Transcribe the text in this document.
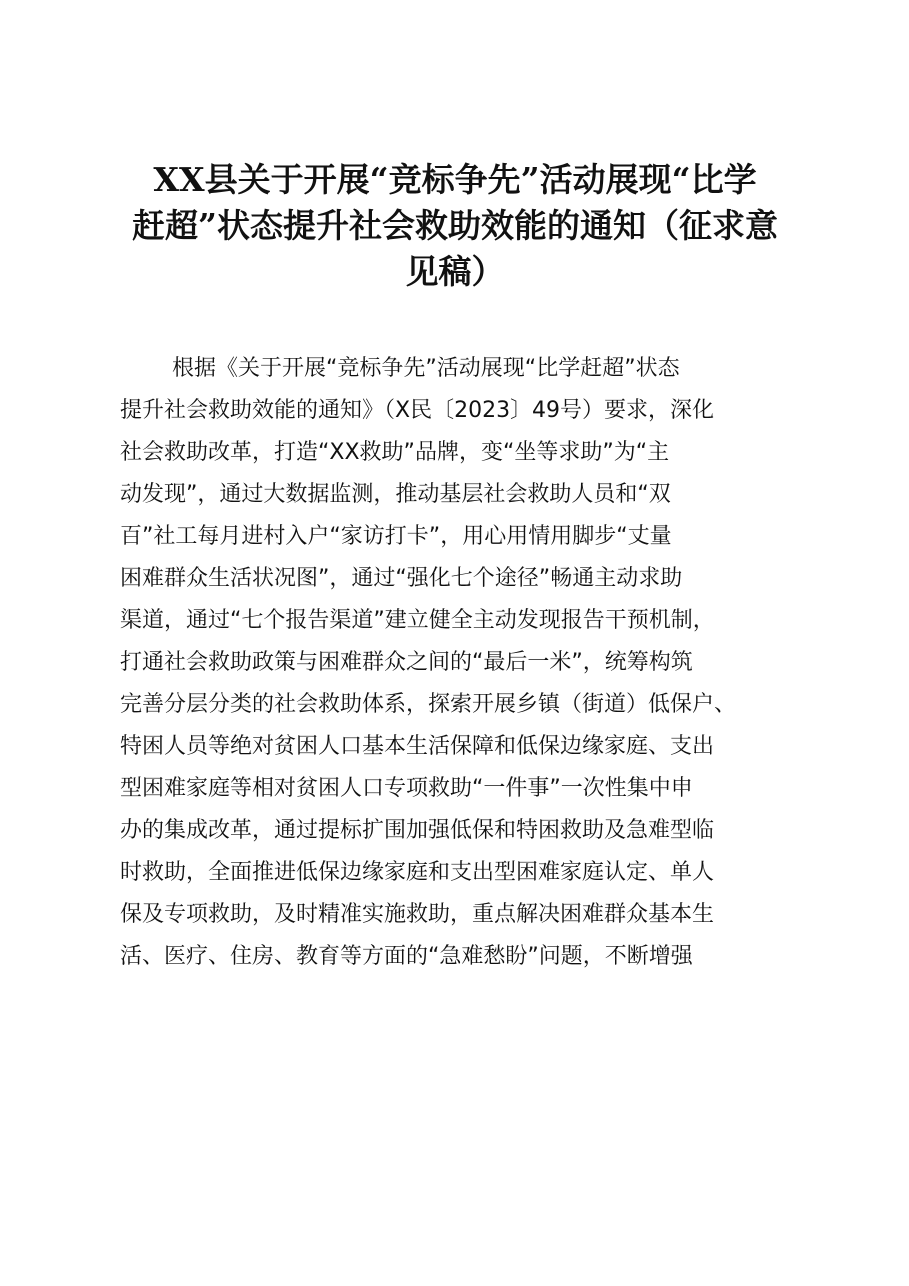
XX县关于开展“竞标争先”活动展现“比学
赶超”状态提升社会救助效能的通知（征求意
见稿）
根据《关于开展“竞标争先”活动展现“比学赶超”状态
提升社会救助效能的通知》（X民〔2023〕49号）要求，深化
社会救助改革，打造“XX救助”品牌，变“坐等求助”为“主
动发现”，通过大数据监测，推动基层社会救助人员和“双
百”社工每月进村入户“家访打卡”，用心用情用脚步“丈量
困难群众生活状况图”，通过“强化七个途径”畅通主动求助
渠道，通过“七个报告渠道”建立健全主动发现报告干预机制，
打通社会救助政策与困难群众之间的“最后一米”，统筹构筑
完善分层分类的社会救助体系，探索开展乡镇（街道）低保户、
特困人员等绝对贫困人口基本生活保障和低保边缘家庭、支出
型困难家庭等相对贫困人口专项救助“一件事”一次性集中申
办的集成改革，通过提标扩围加强低保和特困救助及急难型临
时救助，全面推进低保边缘家庭和支出型困难家庭认定、单人
保及专项救助，及时精准实施救助，重点解决困难群众基本生
活、医疗、住房、教育等方面的“急难愁盼”问题，不断增强
